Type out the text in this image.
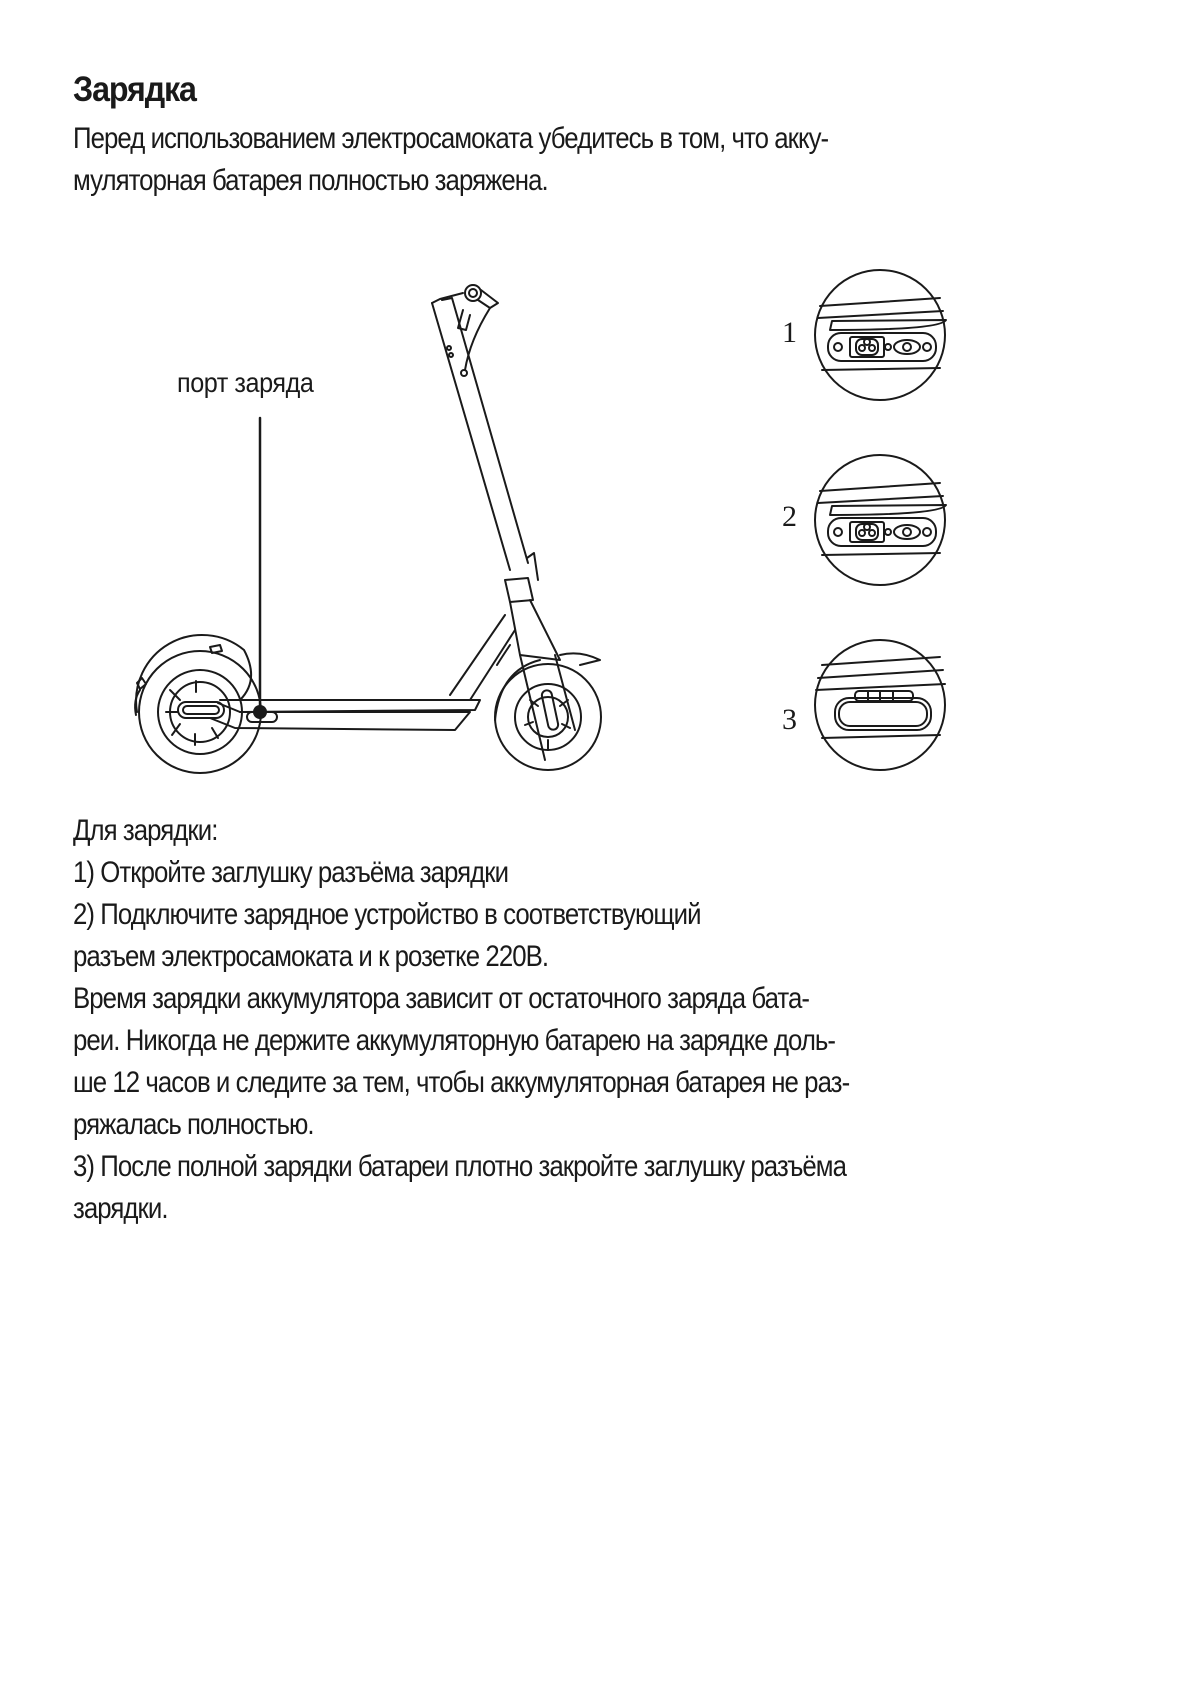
Зарядка
Перед использованием электросамоката убедитесь в том, что акку-
муляторная батарея полностью заряжена.
порт заряда
1
2
3
Для зарядки:
1) Откройте заглушку разъёма зарядки
2) Подключите зарядное устройство в соответствующий
разъем электросамоката и к розетке 220В.
Время зарядки аккумулятора зависит от остаточного заряда бата-
реи. Никогда не держите аккумуляторную батарею на зарядке доль-
ше 12 часов и следите за тем, чтобы аккумуляторная батарея не раз-
ряжалась полностью.
3) После полной зарядки батареи плотно закройте заглушку разъёма
зарядки.
